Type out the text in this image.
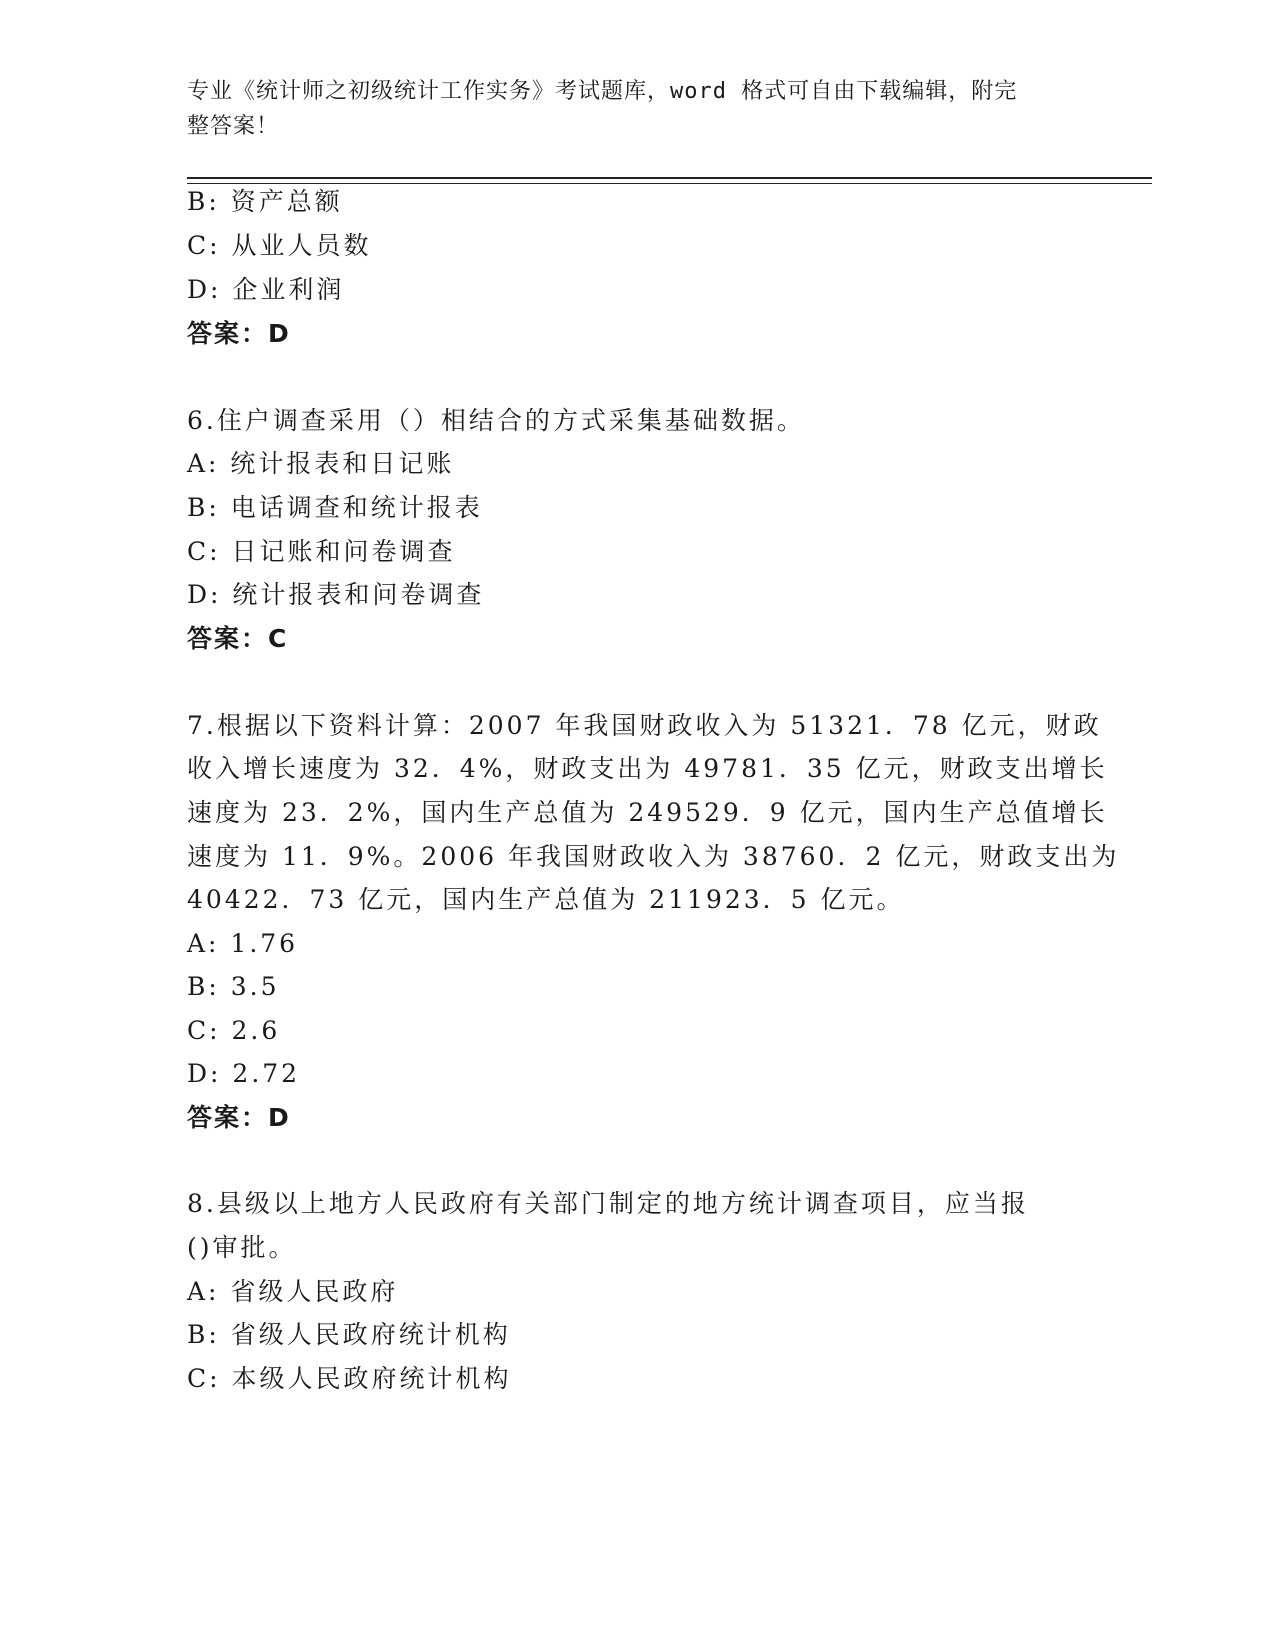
专业《统计师之初级统计工作实务》考试题库，word 格式可自由下载编辑，附完
整答案！
B: 资产总额
C: 从业人员数
D: 企业利润
答案：D
6.住户调查采用（）相结合的方式采集基础数据。
A: 统计报表和日记账
B: 电话调查和统计报表
C: 日记账和问卷调查
D: 统计报表和问卷调查
答案：C
7.根据以下资料计算：2007 年我国财政收入为 51321．78 亿元，财政
收入增长速度为 32．4%，财政支出为 49781．35 亿元，财政支出增长
速度为 23．2%，国内生产总值为 249529．9 亿元，国内生产总值增长
速度为 11．9%。2006 年我国财政收入为 38760．2 亿元，财政支出为
40422．73 亿元，国内生产总值为 211923．5 亿元。
A: 1.76
B: 3.5
C: 2.6
D: 2.72
答案：D
8.县级以上地方人民政府有关部门制定的地方统计调查项目，应当报
()审批。
A: 省级人民政府
B: 省级人民政府统计机构
C: 本级人民政府统计机构
